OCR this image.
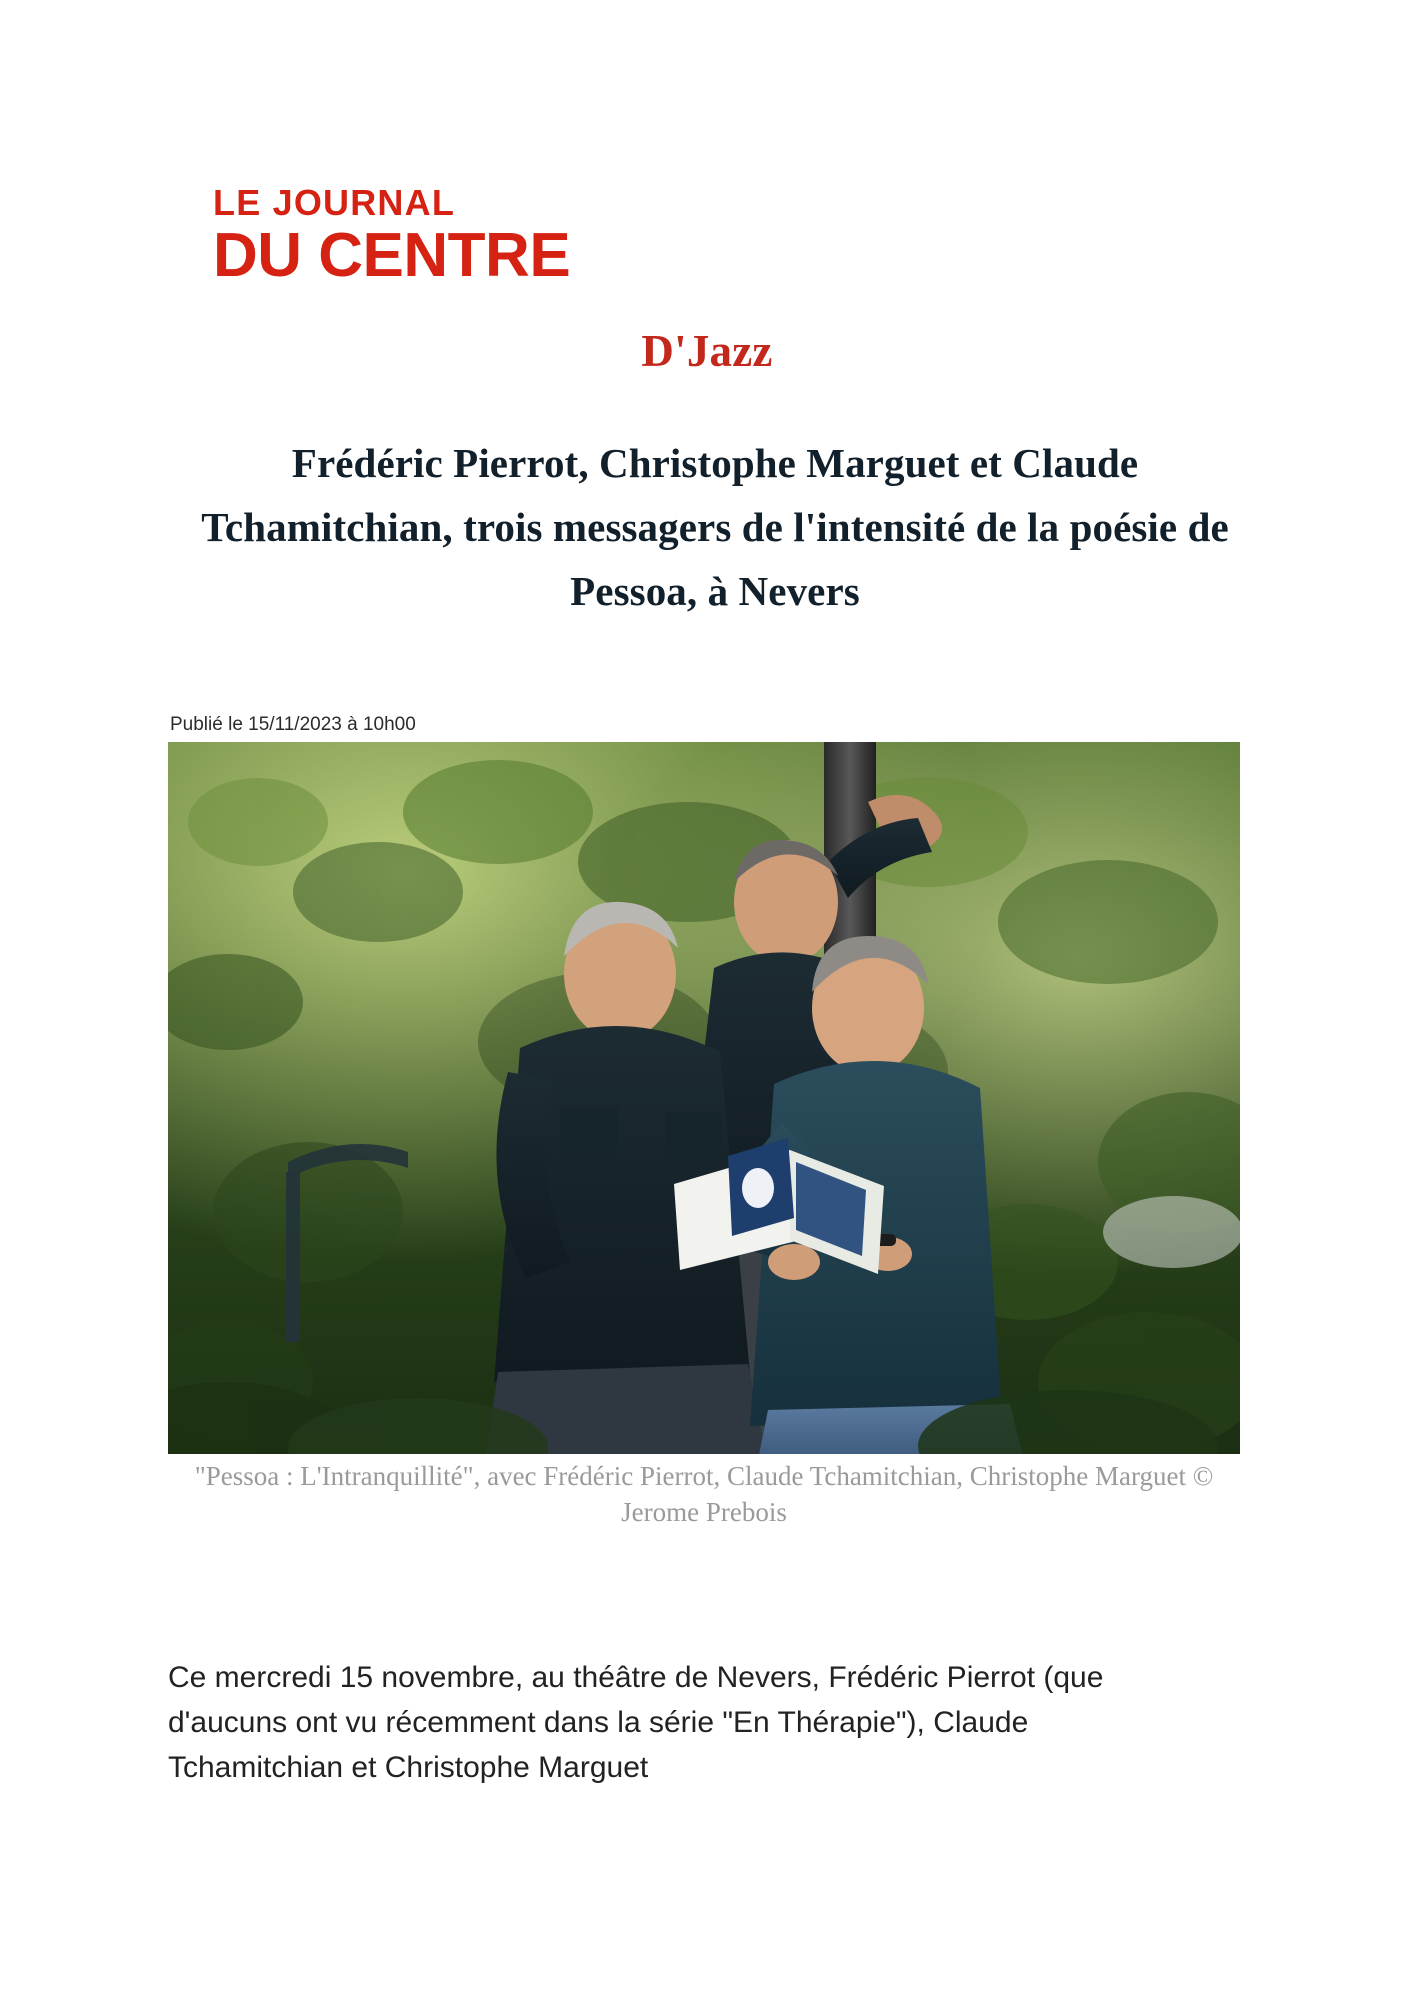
LE JOURNAL
DU CENTRE
D'Jazz
Frédéric Pierrot, Christophe Marguet et Claude Tchamitchian, trois messagers de l'intensité de la poésie de Pessoa, à Nevers
Publié le 15/11/2023 à 10h00
"Pessoa : L'Intranquillité", avec Frédéric Pierrot, Claude Tchamitchian, Christophe Marguet © Jerome Prebois

Ce mercredi 15 novembre, au théâtre de Nevers, Frédéric Pierrot (que d'aucuns ont vu récemment dans la série "En Thérapie"), Claude Tchamitchian et Christophe Marguet
